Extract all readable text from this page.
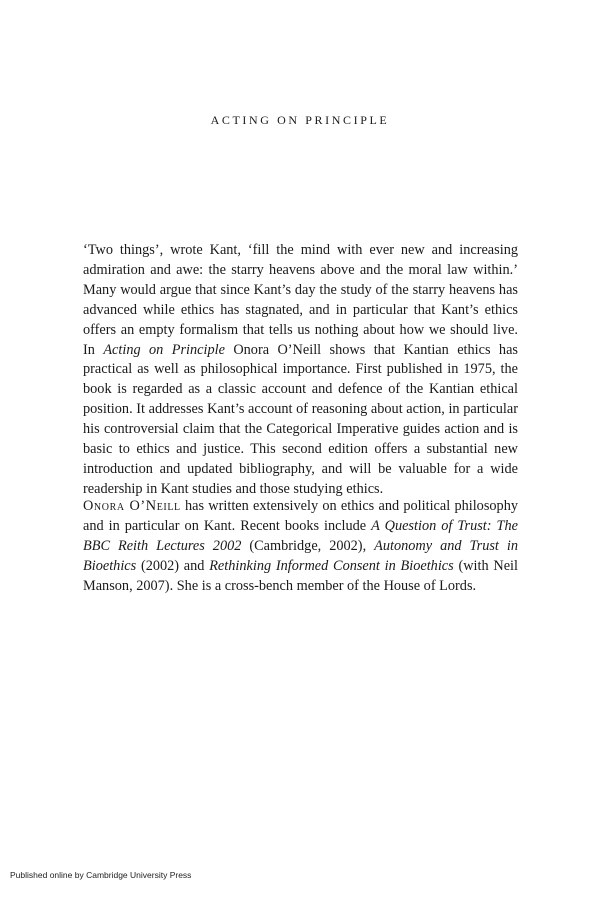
ACTING ON PRINCIPLE

‘Two things’, wrote Kant, ‘fill the mind with ever new and increasing admiration and awe: the starry heavens above and the moral law within.’ Many would argue that since Kant’s day the study of the starry heavens has advanced while ethics has stagnated, and in particular that Kant’s ethics offers an empty formalism that tells us nothing about how we should live. In Acting on Principle Onora O’Neill shows that Kantian ethics has practical as well as philosophical importance. First published in 1975, the book is regarded as a classic account and defence of the Kantian ethical position. It addresses Kant’s account of reasoning about action, in particular his controversial claim that the Categorical Imperative guides action and is basic to ethics and justice. This second edition offers a substantial new introduction and updated bibliography, and will be valuable for a wide readership in Kant studies and those studying ethics.

Onora O’Neill has written extensively on ethics and political philosophy and in particular on Kant. Recent books include A Question of Trust: The BBC Reith Lectures 2002 (Cambridge, 2002), Autonomy and Trust in Bioethics (2002) and Rethinking Informed Consent in Bioethics (with Neil Manson, 2007). She is a cross-bench member of the House of Lords.

Published online by Cambridge University Press
